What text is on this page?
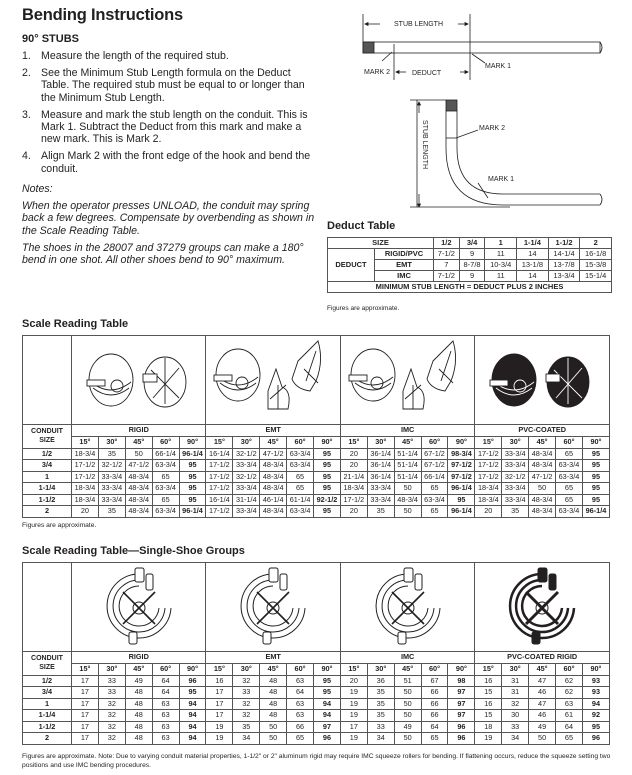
Bending Instructions
90° STUBS
1. Measure the length of the required stub.
2. See the Minimum Stub Length formula on the Deduct Table. The required stub must be equal to or longer than the Minimum Stub Length.
3. Measure and mark the stub length on the conduit. This is Mark 1. Subtract the Deduct from this mark and make a new mark. This is Mark 2.
4. Align Mark 2 with the front edge of the hook and bend the conduit.

Notes:

When the operator presses UNLOAD, the conduit may spring back a few degrees. Compensate by overbending as shown in the Scale Reading Table.

The shoes in the 28007 and 37279 groups can make a 180° bend in one shot. All other shoes bend to 90° maximum.

STUB LENGTH
MARK 2
MARK 1
DEDUCT
MARK 2
MARK 1
STUB LENGTH
Deduct Table
SIZE		1/2	3/4	1	1-1/4	1-1/2	2
DEDUCT	RIGID/PVC	7-1/2	9	11	14	14-1/4	16-1/8
	EMT	7	8-7/8	10-3/4	13-1/8	13-7/8	15-3/8
	IMC	7-1/2	9	11	14	13-3/4	15-1/4
MINIMUM STUB LENGTH = DEDUCT PLUS 2 INCHES							
Figures are approximate.
Scale Reading Table

CONDUIT
SIZE	RIGID					EMT					IMC					PVC-COATED				
	15°	30°	45°	60°	90°	15°	30°	45°	60°	90°	15°	30°	45°	60°	90°	15°	30°	45°	60°	90°
1/2	18-3/4	35	50	66-1/4	96-1/4	16-1/4	32-1/2	47-1/2	63-3/4	95	20	36-1/4	51-1/4	67-1/2	98-3/4	17-1/2	33-3/4	48-3/4	65	95
3/4	17-1/2	32-1/2	47-1/2	63-3/4	95	17-1/2	33-3/4	48-3/4	63-3/4	95	20	36-1/4	51-1/4	67-1/2	97-1/2	17-1/2	33-3/4	48-3/4	63-3/4	95
1	17-1/2	33-3/4	48-3/4	65	95	17-1/2	32-1/2	48-3/4	65	95	21-1/4	36-1/4	51-1/4	66-1/4	97-1/2	17-1/2	32-1/2	47-1/2	63-3/4	95
1-1/4	18-3/4	33-3/4	48-3/4	63-3/4	95	17-1/2	33-3/4	48-3/4	65	95	18-3/4	33-3/4	50	65	96-1/4	18-3/4	33-3/4	50	65	95
1-1/2	18-3/4	33-3/4	48-3/4	65	95	16-1/4	31-1/4	46-1/4	61-1/4	92-1/2	17-1/2	33-3/4	48-3/4	63-3/4	95	18-3/4	33-3/4	48-3/4	65	95
2	20	35	48-3/4	63-3/4	96-1/4	17-1/2	33-3/4	48-3/4	63-3/4	95	20	35	50	65	96-1/4	20	35	48-3/4	63-3/4	96-1/4
Figures are approximate.
Scale Reading Table—Single-Shoe Groups

CONDUIT
SIZE	RIGID					EMT					IMC					PVC-COATED RIGID				
	15°	30°	45°	60°	90°	15°	30°	45°	60°	90°	15°	30°	45°	60°	90°	15°	30°	45°	60°	90°
1/2	17	33	49	64	96	16	32	48	63	95	20	36	51	67	98	16	31	47	62	93
3/4	17	33	48	64	95	17	33	48	64	95	19	35	50	66	97	15	31	46	62	93
1	17	32	48	63	94	17	32	48	63	94	19	35	50	66	97	16	32	47	63	94
1-1/4	17	32	48	63	94	17	32	48	63	94	19	35	50	66	97	15	30	46	61	92
1-1/2	17	32	48	63	94	19	35	50	66	97	17	33	49	64	96	18	33	49	64	95
2	17	32	48	63	94	19	34	50	65	96	19	34	50	65	96	19	34	50	65	96
Figures are approximate. Note: Due to varying conduit material properties, 1-1/2" or 2" aluminum rigid may require IMC squeeze rollers for bending. If flattening occurs, reduce the squeeze setting two positions and use IMC bending procedures.
